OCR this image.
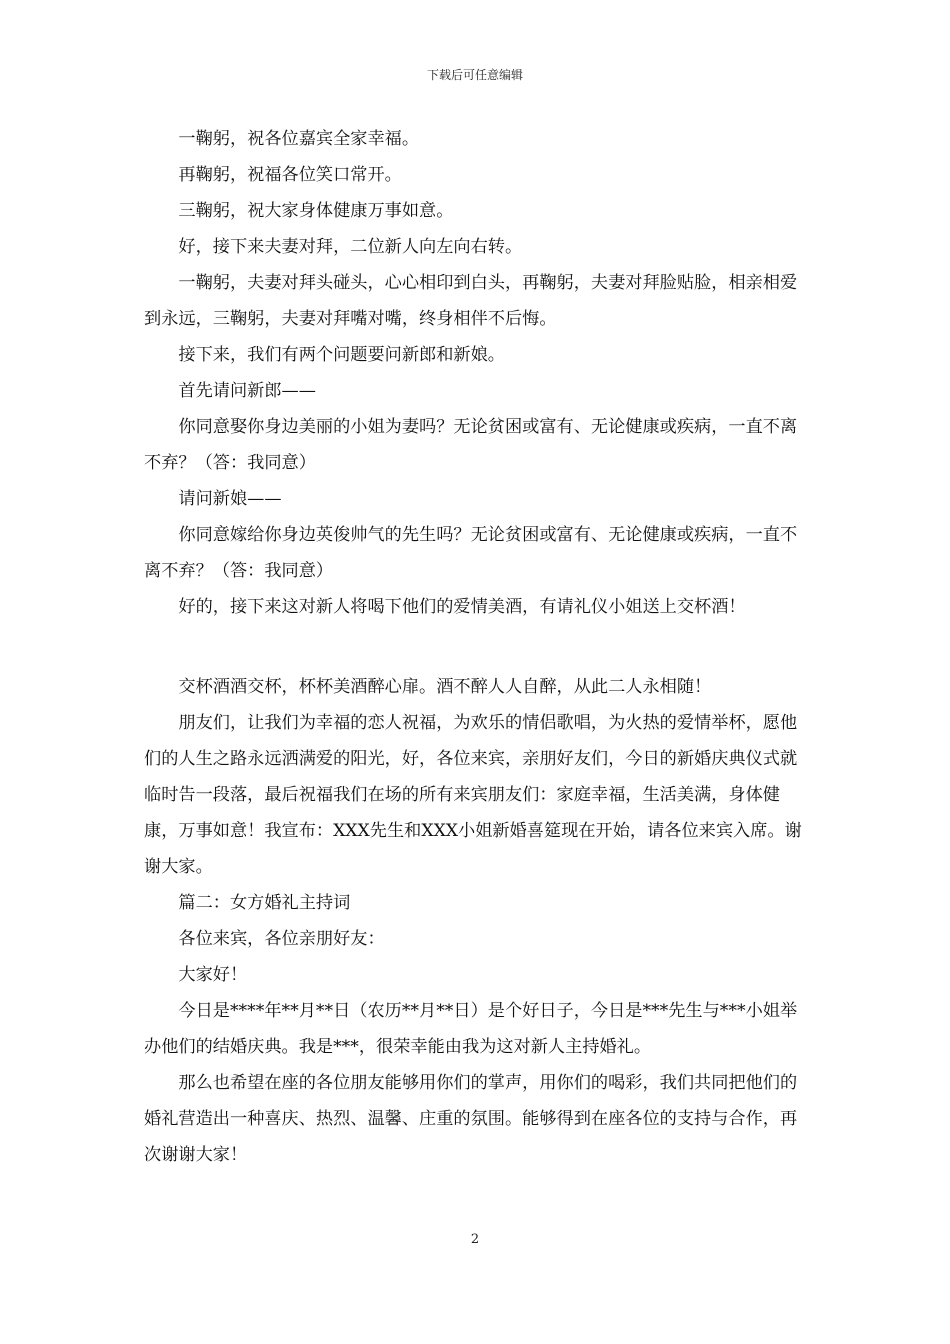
下载后可任意编辑

一鞠躬，祝各位嘉宾全家幸福。

再鞠躬，祝福各位笑口常开。

三鞠躬，祝大家身体健康万事如意。

好，接下来夫妻对拜，二位新人向左向右转。

一鞠躬，夫妻对拜头碰头，心心相印到白头，再鞠躬，夫妻对拜脸贴脸，相亲相爱到永远，三鞠躬，夫妻对拜嘴对嘴，终身相伴不后悔。

接下来，我们有两个问题要问新郎和新娘。

首先请问新郎——

你同意娶你身边美丽的小姐为妻吗？无论贫困或富有、无论健康或疾病，一直不离不弃？（答：我同意）

请问新娘——

你同意嫁给你身边英俊帅气的先生吗？无论贫困或富有、无论健康或疾病，一直不离不弃？（答：我同意）

好的，接下来这对新人将喝下他们的爱情美酒，有请礼仪小姐送上交杯酒！

交杯酒酒交杯，杯杯美酒醉心扉。酒不醉人人自醉，从此二人永相随！

朋友们，让我们为幸福的恋人祝福，为欢乐的情侣歌唱，为火热的爱情举杯，愿他们的人生之路永远洒满爱的阳光，好，各位来宾，亲朋好友们，今日的新婚庆典仪式就临时告一段落，最后祝福我们在场的所有来宾朋友们：家庭幸福，生活美满，身体健康，万事如意！我宣布：XXX先生和XXX小姐新婚喜筵现在开始，请各位来宾入席。谢谢大家。

篇二：女方婚礼主持词

各位来宾，各位亲朋好友：

大家好！

今日是****年**月**日（农历**月**日）是个好日子，今日是***先生与***小姐举办他们的结婚庆典。我是***，很荣幸能由我为这对新人主持婚礼。

那么也希望在座的各位朋友能够用你们的掌声，用你们的喝彩，我们共同把他们的婚礼营造出一种喜庆、热烈、温馨、庄重的氛围。能够得到在座各位的支持与合作，再次谢谢大家！

2
